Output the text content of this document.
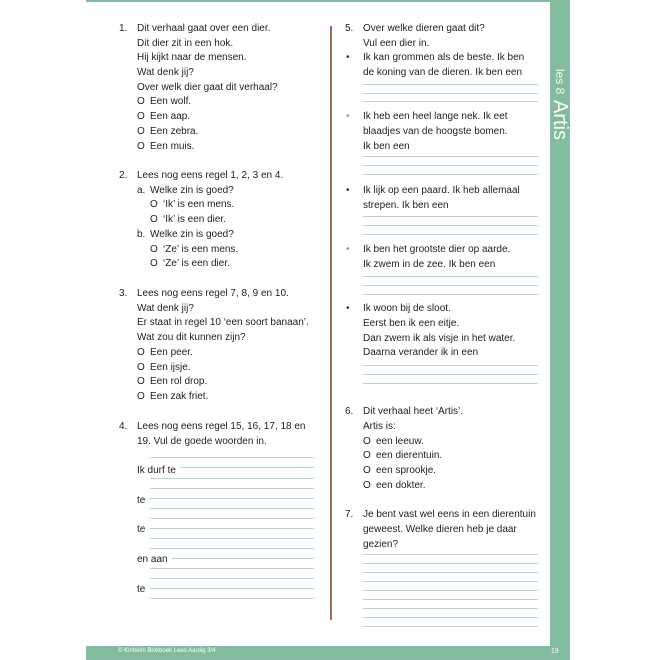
les 8
Artis
© Kinheim Blokboek Lees Aardig 3/4	19
1. Dit verhaal gaat over een dier.
Dit dier zit in een hok.
Hij kijkt naar de mensen.
Wat denk jij?
Over welk dier gaat dit verhaal?
O Een wolf.
O Een aap.
O Een zebra.
O Een muis.
2. Lees nog eens regel 1, 2, 3 en 4.
a. Welke zin is goed?
O ‘Ik’ is een mens.
O ‘Ik’ is een dier.
b. Welke zin is goed?
O ‘Ze’ is een mens.
O ‘Ze’ is een dier.
3. Lees nog eens regel 7, 8, 9 en 10.
Wat denk jij?
Er staat in regel 10 ‘een soort banaan’.
Wat zou dit kunnen zijn?
O Een peer.
O Een ijsje.
O Een rol drop.
O Een zak friet.
4. Lees nog eens regel 15, 16, 17, 18 en
19. Vul de goede woorden in.
Ik durf te
te
te
en aan
te
5. Over welke dieren gaat dit?
Vul een dier in.
• Ik kan grommen als de beste. Ik ben
de koning van de dieren. Ik ben een
• Ik heb een heel lange nek. Ik eet
blaadjes van de hoogste bomen.
Ik ben een
• Ik lijk op een paard. Ik heb allemaal
strepen. Ik ben een
• Ik ben het grootste dier op aarde.
Ik zwem in de zee. Ik ben een
• Ik woon bij de sloot.
Eerst ben ik een eitje.
Dan zwem ik als visje in het water.
Daarna verander ik in een
6. Dit verhaal heet ‘Artis’.
Artis is:
O een leeuw.
O een dierentuin.
O een sprookje.
O een dokter.
7. Je bent vast wel eens in een dierentuin
geweest. Welke dieren heb je daar
gezien?
